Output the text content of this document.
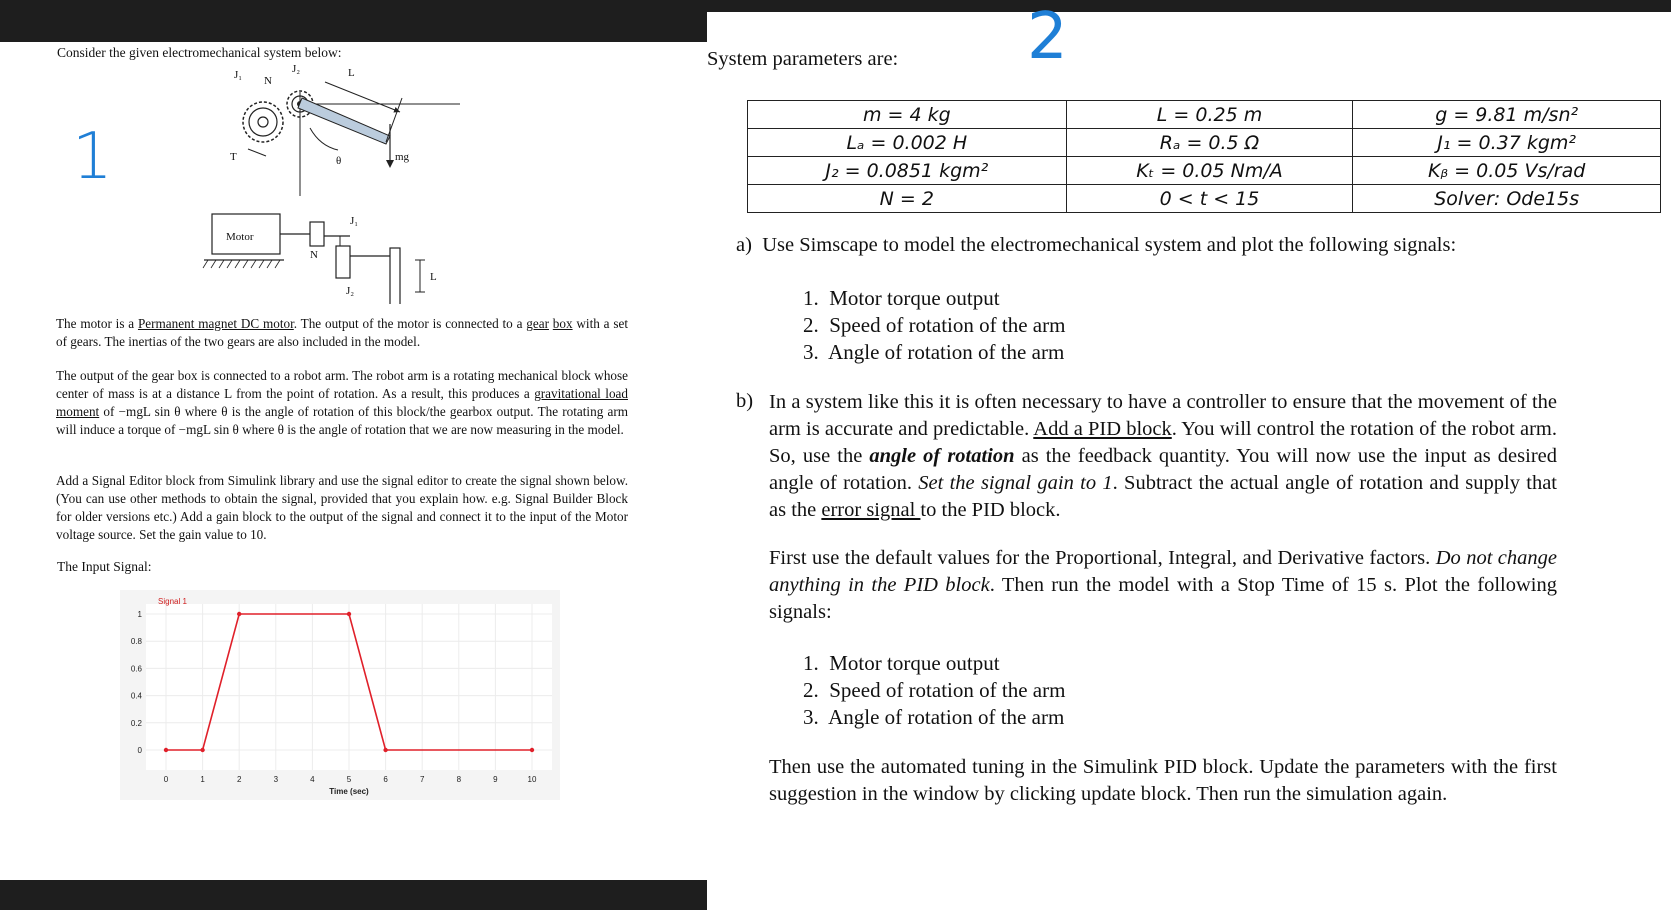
Consider the given electromechanical system below:
1
J₁ N
J₂	L
T	θ	mg
Motor
N
J₁
J₂
L
The motor is a Permanent magnet DC motor. The output of the motor is connected to a gear box with a set of gears. The inertias of the two gears are also included in the model.
The output of the gear box is connected to a robot arm. The robot arm is a rotating mechanical block whose center of mass is at a distance L from the point of rotation. As a result, this produces a gravitational load moment of −mgL sin θ where θ is the angle of rotation of this block/the gearbox output. The rotating arm will induce a torque of −mgL sin θ where θ is the angle of rotation that we are now measuring in the model.
Add a Signal Editor block from Simulink library and use the signal editor to create the signal shown below. (You can use other methods to obtain the signal, provided that you explain how. e.g. Signal Builder Block for older versions etc.) Add a gain block to the output of the signal and connect it to the input of the Motor voltage source. Set the gain value to 10.
The Input Signal:
0	1	2	3	4	5	6	7	8	9	10
0
0.2
0.4
0.6
0.8
1
Signal 1
Time (sec)
System parameters are: 2
m = 4 kg	L = 0.25 m	g = 9.81 m/sn²
Lₐ = 0.002 H	Rₐ = 0.5 Ω	J₁ = 0.37 kgm²
J₂ = 0.0851 kgm²	Kₜ = 0.05 Nm/A	Kᵦ = 0.05 Vs/rad
N = 2	0 < t < 15	Solver: Ode15s
a) Use Simscape to model the electromechanical system and plot the following signals:
1.  Motor torque output
2.  Speed of rotation of the arm
3.  Angle of rotation of the arm
b) In a system like this it is often necessary to have a controller to ensure that the movement of the arm is accurate and predictable. Add a PID block. You will control the rotation of the robot arm. So, use the angle of rotation as the feedback quantity. You will now use the input as desired angle of rotation. Set the signal gain to 1. Subtract the actual angle of rotation and supply that as the error signal to the PID block.
First use the default values for the Proportional, Integral, and Derivative factors. Do not change anything in the PID block. Then run the model with a Stop Time of 15 s. Plot the following signals:
1.  Motor torque output
2.  Speed of rotation of the arm
3.  Angle of rotation of the arm
Then use the automated tuning in the Simulink PID block. Update the parameters with the first suggestion in the window by clicking update block. Then run the simulation again.
